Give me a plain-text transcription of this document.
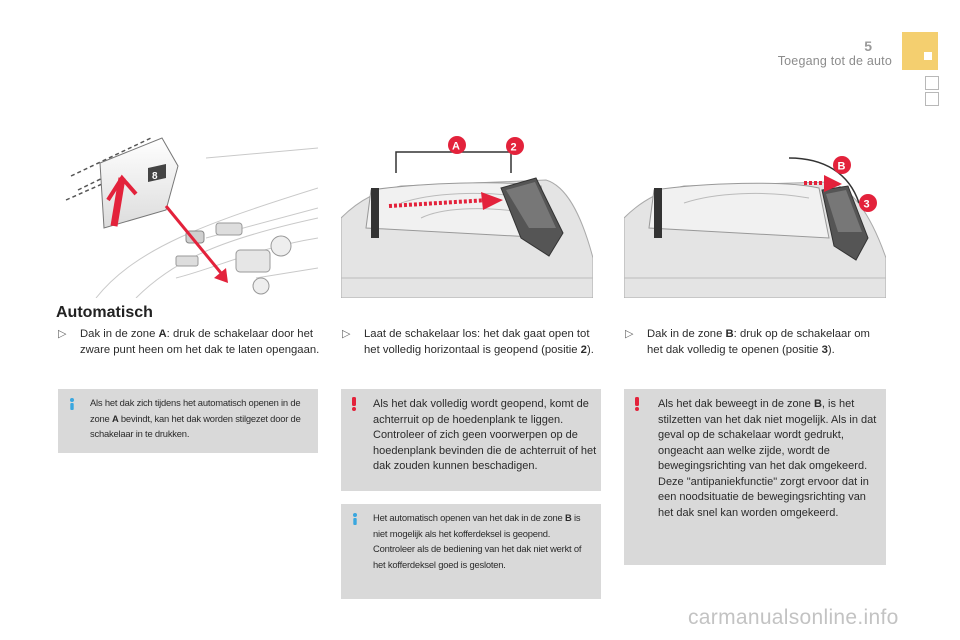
5
Toegang tot de auto
8
A	2
B
3
Automatisch
▷ Dak in de zone A: druk de schakelaar door het zware punt heen om het dak te laten opengaan.
Als het dak zich tijdens het automatisch openen in de zone A bevindt, kan het dak worden stilgezet door de schakelaar in te drukken.
▷ Laat de schakelaar los: het dak gaat open tot het volledig horizontaal is geopend (positie 2).
Als het dak volledig wordt geopend, komt de achterruit op de hoedenplank te liggen. Controleer of zich geen voorwerpen op de hoedenplank bevinden die de achterruit of het dak zouden kunnen beschadigen.
Het automatisch openen van het dak in de zone B is niet mogelijk als het kofferdeksel is geopend.
Controleer als de bediening van het dak niet werkt of het kofferdeksel goed is gesloten.
▷ Dak in de zone B: druk op de schakelaar om het dak volledig te openen (positie 3).
Als het dak beweegt in de zone B, is het stilzetten van het dak niet mogelijk. Als in dat geval op de schakelaar wordt gedrukt, ongeacht aan welke zijde, wordt de bewegingsrichting van het dak omgekeerd.
Deze "antipaniekfunctie" zorgt ervoor dat in een noodsituatie de bewegingsrichting van het dak snel kan worden omgekeerd.
carmanualsonline.info
